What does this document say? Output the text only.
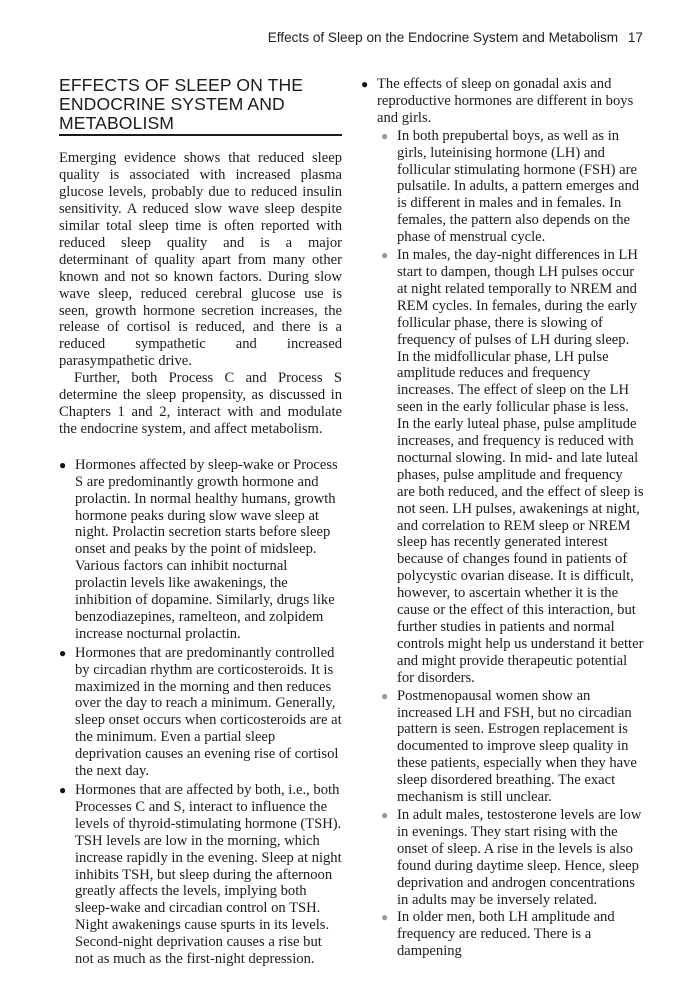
Effects of Sleep on the Endocrine System and Metabolism 17
EFFECTS OF SLEEP ON THE
ENDOCRINE SYSTEM AND
METABOLISM

Emerging evidence shows that reduced sleep quality is associated with increased plasma glucose levels, probably due to reduced insulin sensitivity. A reduced slow wave sleep despite similar total sleep time is often reported with reduced sleep quality and is a major determinant of quality apart from many other known and not so known factors. During slow wave sleep, reduced cerebral glucose use is seen, growth hormone secretion increases, the release of cortisol is reduced, and there is a reduced sympathetic and increased parasympathetic drive.

Further, both Process C and Process S determine the sleep propensity, as discussed in Chapters 1 and 2, interact with and modulate the endocrine system, and affect metabolism.

● Hormones affected by sleep-wake or Process S are predominantly growth hormone and prolactin. In normal healthy humans, growth hormone peaks during slow wave sleep at night. Prolactin secretion starts before sleep onset and peaks by the point of midsleep. Various factors can inhibit nocturnal prolactin levels like awakenings, the inhibition of dopamine. Similarly, drugs like benzodiazepines, ramelteon, and zolpidem increase nocturnal prolactin.
● Hormones that are predominantly controlled by circadian rhythm are corticosteroids. It is maximized in the morning and then reduces over the day to reach a minimum. Generally, sleep onset occurs when corticosteroids are at the minimum. Even a partial sleep deprivation causes an evening rise of cortisol the next day.
● Hormones that are affected by both, i.e., both Processes C and S, interact to influence the levels of thyroid-stimulating hormone (TSH). TSH levels are low in the morning, which increase rapidly in the evening. Sleep at night inhibits TSH, but sleep during the afternoon greatly affects the levels, implying both sleep-wake and circadian control on TSH. Night awakenings cause spurts in its levels. Second-night deprivation causes a rise but not as much as the first-night depression.
● The effects of sleep on gonadal axis and reproductive hormones are different in boys and girls.
● In both prepubertal boys, as well as in girls, luteinising hormone (LH) and follicular stimulating hormone (FSH) are pulsatile. In adults, a pattern emerges and is different in males and in females. In females, the pattern also depends on the phase of menstrual cycle.
● In males, the day-night differences in LH start to dampen, though LH pulses occur at night related temporally to NREM and REM cycles. In females, during the early follicular phase, there is slowing of frequency of pulses of LH during sleep. In the midfollicular phase, LH pulse amplitude reduces and frequency increases. The effect of sleep on the LH seen in the early follicular phase is less. In the early luteal phase, pulse amplitude increases, and frequency is reduced with nocturnal slowing. In mid- and late luteal phases, pulse amplitude and frequency are both reduced, and the effect of sleep is not seen. LH pulses, awakenings at night, and correlation to REM sleep or NREM sleep has recently generated interest because of changes found in patients of polycystic ovarian disease. It is difficult, however, to ascertain whether it is the cause or the effect of this interaction, but further studies in patients and normal controls might help us understand it better and might provide therapeutic potential for disorders.
● Postmenopausal women show an increased LH and FSH, but no circadian pattern is seen. Estrogen replacement is documented to improve sleep quality in these patients, especially when they have sleep disordered breathing. The exact mechanism is still unclear.
● In adult males, testosterone levels are low in evenings. They start rising with the onset of sleep. A rise in the levels is also found during daytime sleep. Hence, sleep deprivation and androgen concentrations in adults may be inversely related.
● In older men, both LH amplitude and frequency are reduced. There is a dampening
